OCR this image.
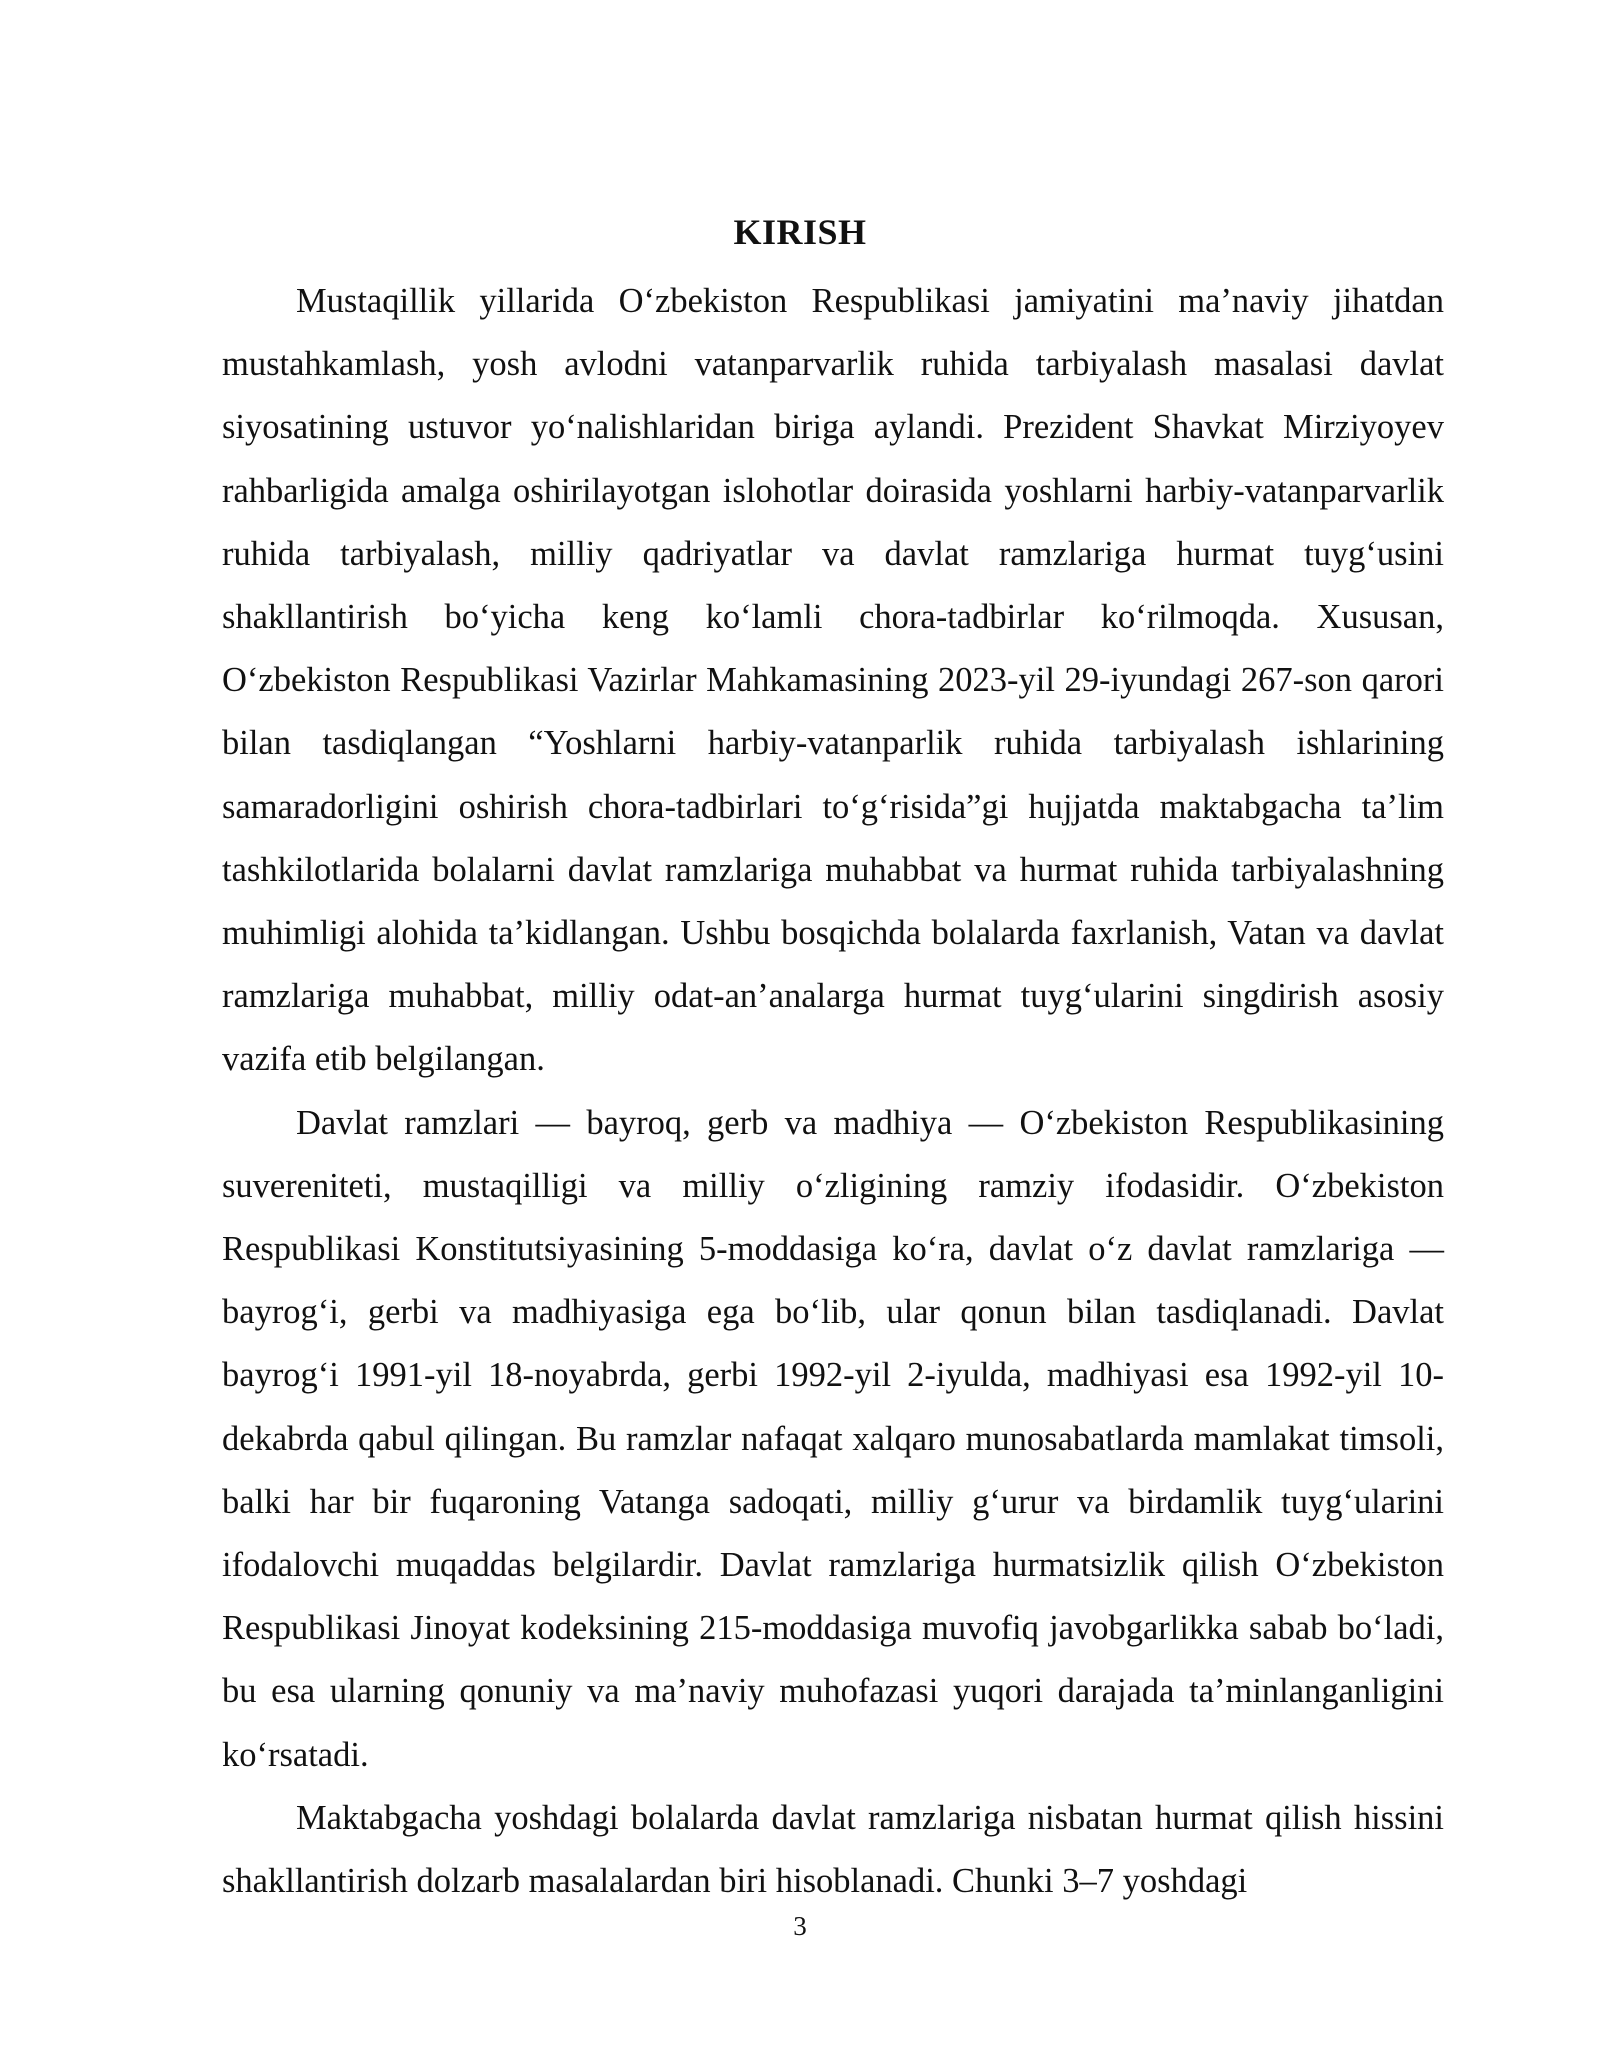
KIRISH

Mustaqillik yillarida O‘zbekiston Respublikasi jamiyatini ma’naviy jihatdan mustahkamlash, yosh avlodni vatanparvarlik ruhida tarbiyalash masalasi davlat siyosatining ustuvor yo‘nalishlaridan biriga aylandi. Prezident Shavkat Mirziyoyev rahbarligida amalga oshirilayotgan islohotlar doirasida yoshlarni harbiy-vatanparvarlik ruhida tarbiyalash, milliy qadriyatlar va davlat ramzlariga hurmat tuyg‘usini shakllantirish bo‘yicha keng ko‘lamli chora-tadbirlar ko‘rilmoqda. Xususan, O‘zbekiston Respublikasi Vazirlar Mahkamasining 2023-yil 29-iyundagi 267-son qarori bilan tasdiqlangan “Yoshlarni harbiy-vatanparlik ruhida tarbiyalash ishlarining samaradorligini oshirish chora-tadbirlari to‘g‘risida”gi hujjatda maktabgacha ta’lim tashkilotlarida bolalarni davlat ramzlariga muhabbat va hurmat ruhida tarbiyalashning muhimligi alohida ta’kidlangan. Ushbu bosqichda bolalarda faxrlanish, Vatan va davlat ramzlariga muhabbat, milliy odat-an’analarga hurmat tuyg‘ularini singdirish asosiy vazifa etib belgilangan.

Davlat ramzlari — bayroq, gerb va madhiya — O‘zbekiston Respublikasining suvereniteti, mustaqilligi va milliy o‘zligining ramziy ifodasidir. O‘zbekiston Respublikasi Konstitutsiyasining 5-moddasiga ko‘ra, davlat o‘z davlat ramzlariga — bayrog‘i, gerbi va madhiyasiga ega bo‘lib, ular qonun bilan tasdiqlanadi. Davlat bayrog‘i 1991-yil 18-noyabrda, gerbi 1992-yil 2-iyulda, madhiyasi esa 1992-yil 10-dekabrda qabul qilingan. Bu ramzlar nafaqat xalqaro munosabatlarda mamlakat timsoli, balki har bir fuqaroning Vatanga sadoqati, milliy g‘urur va birdamlik tuyg‘ularini ifodalovchi muqaddas belgilardir. Davlat ramzlariga hurmatsizlik qilish O‘zbekiston Respublikasi Jinoyat kodeksining 215-moddasiga muvofiq javobgarlikka sabab bo‘ladi, bu esa ularning qonuniy va ma’naviy muhofazasi yuqori darajada ta’minlanganligini ko‘rsatadi.

Maktabgacha yoshdagi bolalarda davlat ramzlariga nisbatan hurmat qilish hissini shakllantirish dolzarb masalalardan biri hisoblanadi. Chunki 3–7 yoshdagi

3
